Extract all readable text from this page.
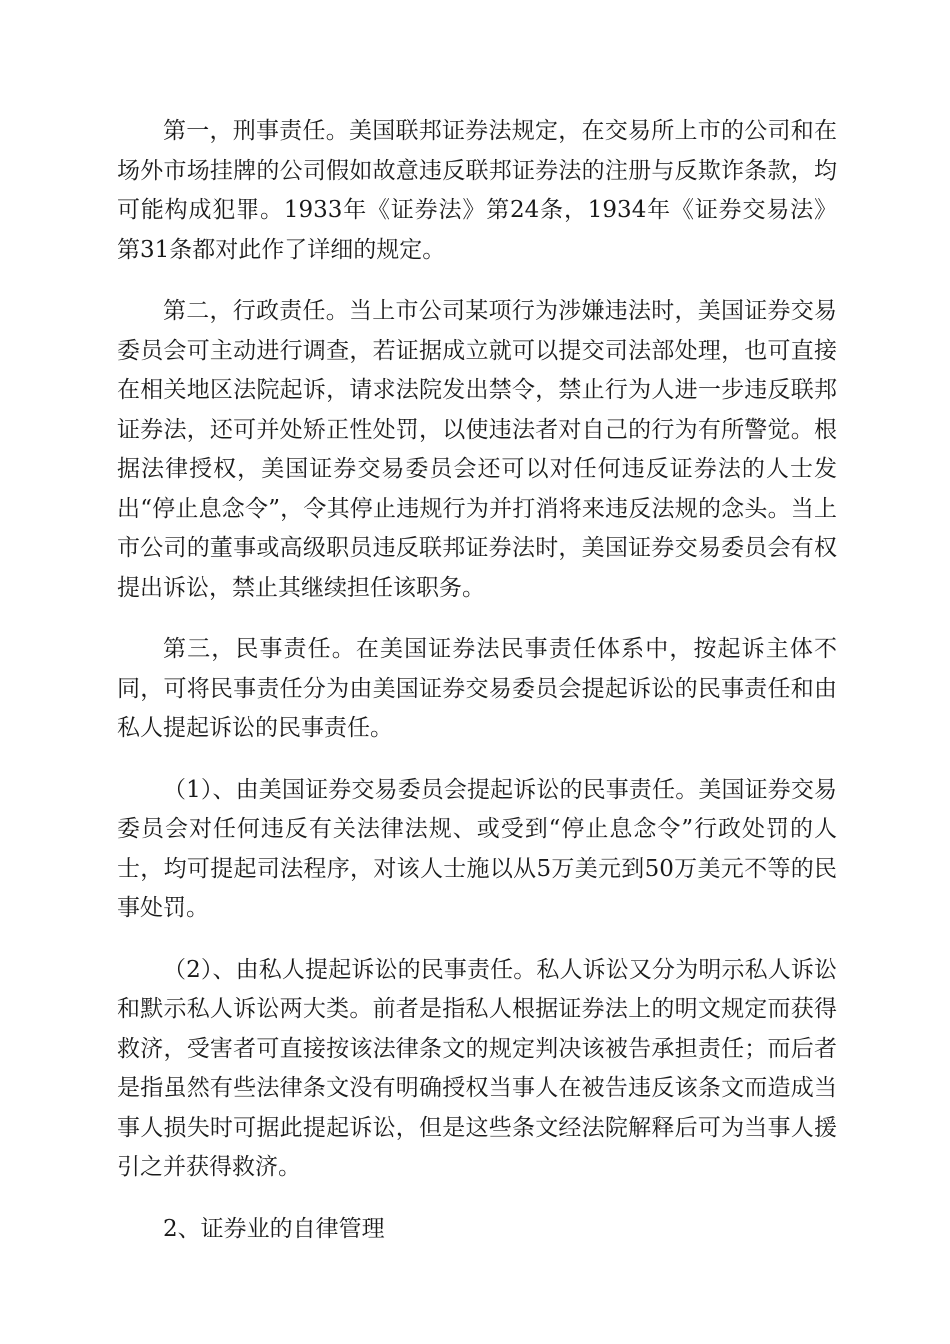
第一，刑事责任。美国联邦证券法规定，在交易所上市的公司和在场外市场挂牌的公司假如故意违反联邦证券法的注册与反欺诈条款，均可能构成犯罪。1933年《证券法》第24条，1934年《证券交易法》第31条都对此作了详细的规定。

第二，行政责任。当上市公司某项行为涉嫌违法时，美国证券交易委员会可主动进行调查，若证据成立就可以提交司法部处理，也可直接在相关地区法院起诉，请求法院发出禁令，禁止行为人进一步违反联邦证券法，还可并处矫正性处罚，以使违法者对自己的行为有所警觉。根据法律授权，美国证券交易委员会还可以对任何违反证券法的人士发出“停止息念令”，令其停止违规行为并打消将来违反法规的念头。当上市公司的董事或高级职员违反联邦证券法时，美国证券交易委员会有权提出诉讼，禁止其继续担任该职务。

第三，民事责任。在美国证券法民事责任体系中，按起诉主体不同，可将民事责任分为由美国证券交易委员会提起诉讼的民事责任和由私人提起诉讼的民事责任。

（1）、由美国证券交易委员会提起诉讼的民事责任。美国证券交易委员会对任何违反有关法律法规、或受到“停止息念令”行政处罚的人士，均可提起司法程序，对该人士施以从5万美元到50万美元不等的民事处罚。

（2）、由私人提起诉讼的民事责任。私人诉讼又分为明示私人诉讼和默示私人诉讼两大类。前者是指私人根据证券法上的明文规定而获得救济，受害者可直接按该法律条文的规定判决该被告承担责任；而后者是指虽然有些法律条文没有明确授权当事人在被告违反该条文而造成当事人损失时可据此提起诉讼，但是这些条文经法院解释后可为当事人援引之并获得救济。

2、证券业的自律管理
